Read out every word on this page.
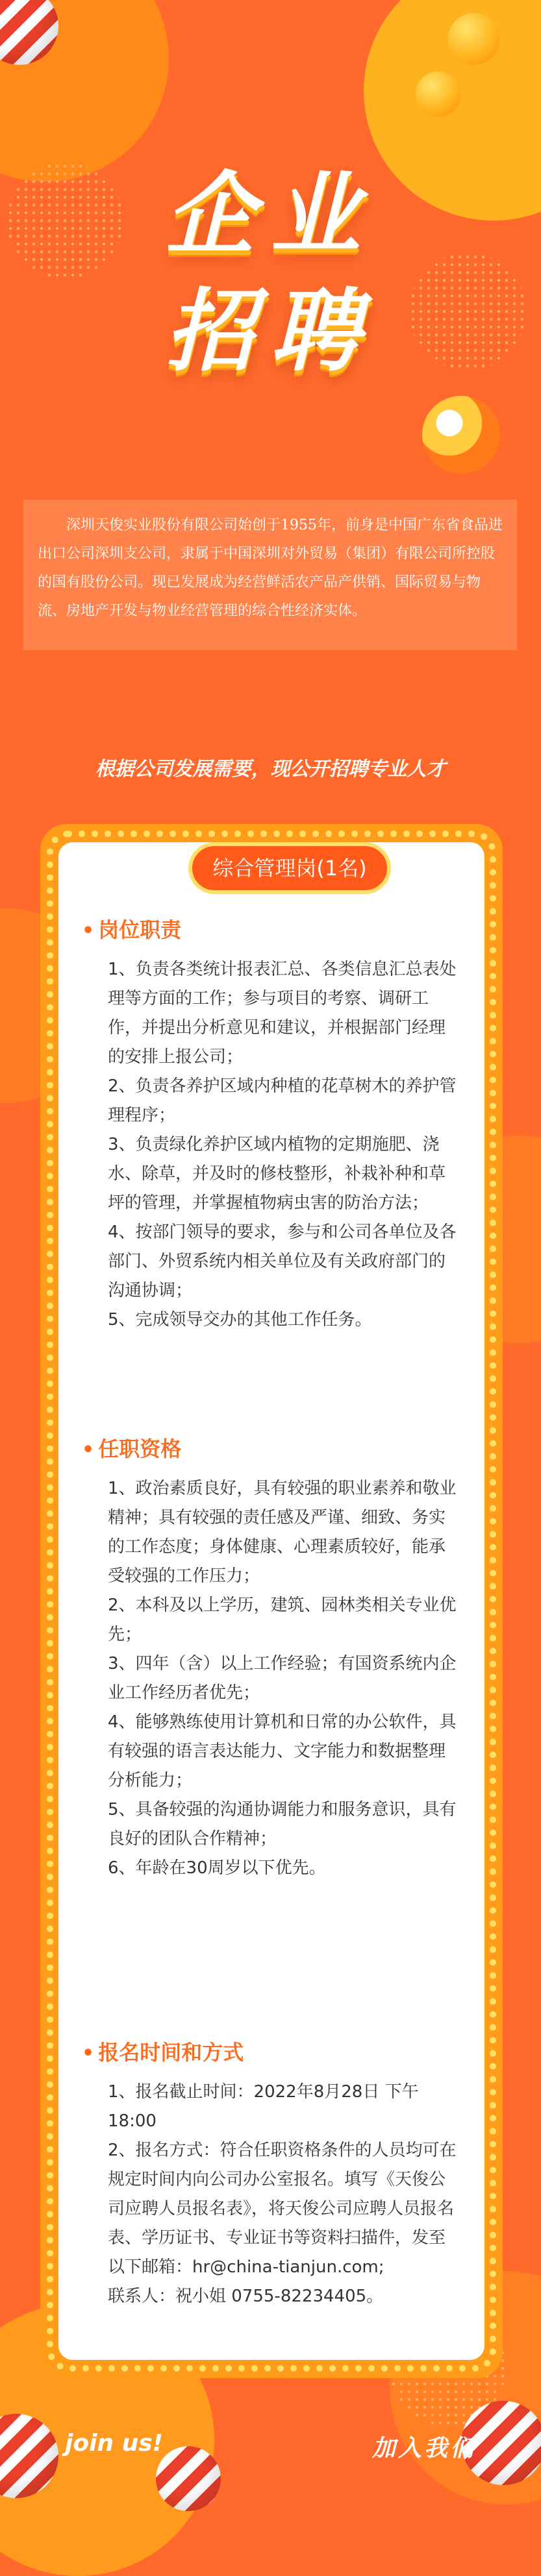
企业
招聘
深圳天俊实业股份有限公司始创于1955年，前身是中国广东省食品进出口公司深圳支公司，隶属于中国深圳对外贸易（集团）有限公司所控股的国有股份公司。现已发展成为经营鲜活农产品产供销、国际贸易与物流、房地产开发与物业经营管理的综合性经济实体。
根据公司发展需要，现公开招聘专业人才
综合管理岗(1名)
• 岗位职责

1、负责各类统计报表汇总、各类信息汇总表处理等方面的工作；参与项目的考察、调研工作，并提出分析意见和建议，并根据部门经理的安排上报公司；

2、负责各养护区域内种植的花草树木的养护管理程序；

3、负责绿化养护区域内植物的定期施肥、浇水、除草，并及时的修枝整形，补栽补种和草坪的管理，并掌握植物病虫害的防治方法；

4、按部门领导的要求，参与和公司各单位及各部门、外贸系统内相关单位及有关政府部门的沟通协调；

5、完成领导交办的其他工作任务。

• 任职资格

1、政治素质良好，具有较强的职业素养和敬业精神；具有较强的责任感及严谨、细致、务实的工作态度；身体健康、心理素质较好，能承受较强的工作压力；

2、本科及以上学历，建筑、园林类相关专业优先；

3、四年（含）以上工作经验；有国资系统内企业工作经历者优先；

4、能够熟练使用计算机和日常的办公软件，具有较强的语言表达能力、文字能力和数据整理分析能力；

5、具备较强的沟通协调能力和服务意识，具有良好的团队合作精神；

6、年龄在30周岁以下优先。

• 报名时间和方式

1、报名截止时间：2022年8月28日 下午18:00

2、报名方式：符合任职资格条件的人员均可在规定时间内向公司办公室报名。填写《天俊公司应聘人员报名表》，将天俊公司应聘人员报名表、学历证书、专业证书等资料扫描件，发至以下邮箱：hr@china-tianjun.com;

联系人：祝小姐 0755-82234405。

join us!	加入我们
